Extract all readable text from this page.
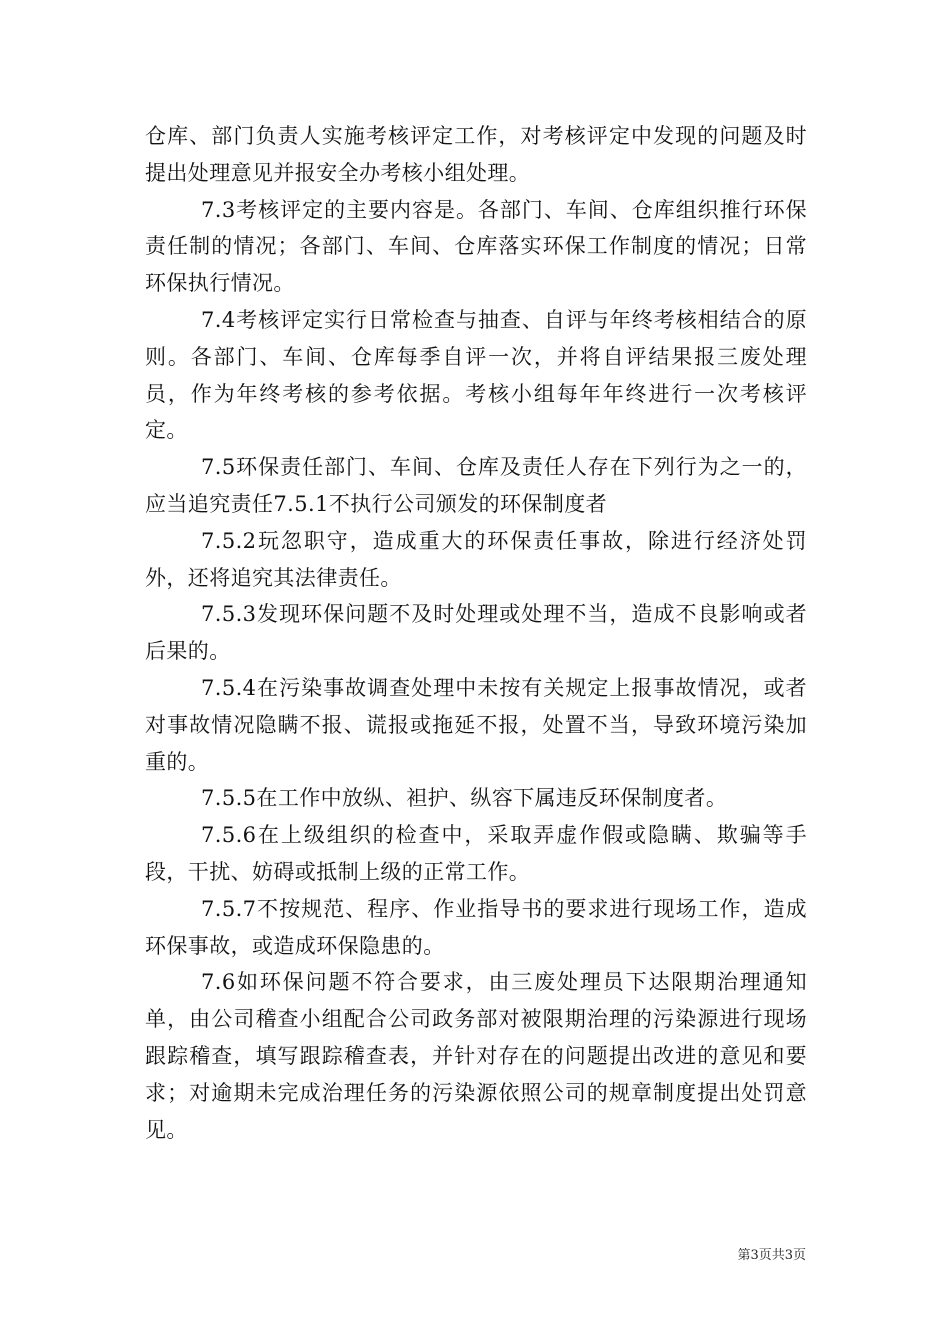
仓库、部门负责人实施考核评定工作，对考核评定中发现的问题及时提出处理意见并报安全办考核小组处理。

7.3考核评定的主要内容是。各部门、车间、仓库组织推行环保责任制的情况；各部门、车间、仓库落实环保工作制度的情况；日常环保执行情况。

7.4考核评定实行日常检查与抽查、自评与年终考核相结合的原则。各部门、车间、仓库每季自评一次，并将自评结果报三废处理员，作为年终考核的参考依据。考核小组每年年终进行一次考核评定。

7.5环保责任部门、车间、仓库及责任人存在下列行为之一的，应当追究责任7.5.1不执行公司颁发的环保制度者

7.5.2玩忽职守，造成重大的环保责任事故，除进行经济处罚外，还将追究其法律责任。

7.5.3发现环保问题不及时处理或处理不当，造成不良影响或者后果的。

7.5.4在污染事故调查处理中未按有关规定上报事故情况，或者对事故情况隐瞒不报、谎报或拖延不报，处置不当，导致环境污染加重的。

7.5.5在工作中放纵、袒护、纵容下属违反环保制度者。

7.5.6在上级组织的检查中，采取弄虚作假或隐瞒、欺骗等手段，干扰、妨碍或抵制上级的正常工作。

7.5.7不按规范、程序、作业指导书的要求进行现场工作，造成环保事故，或造成环保隐患的。

7.6如环保问题不符合要求，由三废处理员下达限期治理通知单，由公司稽查小组配合公司政务部对被限期治理的污染源进行现场跟踪稽查，填写跟踪稽查表，并针对存在的问题提出改进的意见和要求；对逾期未完成治理任务的污染源依照公司的规章制度提出处罚意见。

第3页共3页
